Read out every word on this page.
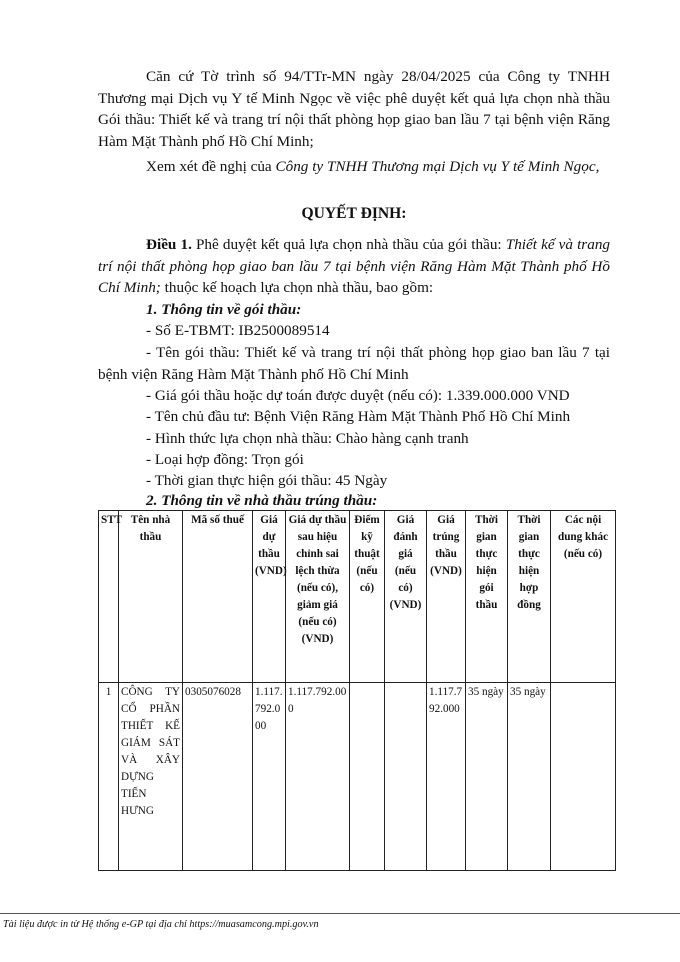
Căn cứ Tờ trình số 94/TTr-MN ngày 28/04/2025 của Công ty TNHH Thương mại Dịch vụ Y tế Minh Ngọc về việc phê duyệt kết quả lựa chọn nhà thầu Gói thầu: Thiết kế và trang trí nội thất phòng họp giao ban lầu 7 tại bệnh viện Răng Hàm Mặt Thành phố Hồ Chí Minh;

Xem xét đề nghị của Công ty TNHH Thương mại Dịch vụ Y tế Minh Ngọc,

QUYẾT ĐỊNH:

Điều 1. Phê duyệt kết quả lựa chọn nhà thầu của gói thầu: Thiết kế và trang trí nội thất phòng họp giao ban lầu 7 tại bệnh viện Răng Hàm Mặt Thành phố Hồ Chí Minh; thuộc kế hoạch lựa chọn nhà thầu, bao gồm:

1. Thông tin về gói thầu:

- Số E-TBMT: IB2500089514

- Tên gói thầu: Thiết kế và trang trí nội thất phòng họp giao ban lầu 7 tại bệnh viện Răng Hàm Mặt Thành phố Hồ Chí Minh

- Giá gói thầu hoặc dự toán được duyệt (nếu có): 1.339.000.000 VND

- Tên chủ đầu tư: Bệnh Viện Răng Hàm Mặt Thành Phố Hồ Chí Minh

- Hình thức lựa chọn nhà thầu: Chào hàng cạnh tranh

- Loại hợp đồng: Trọn gói

- Thời gian thực hiện gói thầu: 45 Ngày

2. Thông tin về nhà thầu trúng thầu:

STT	Tên nhà thầu	Mã số thuế	Giá dự thầu (VND)	Giá dự thầu sau hiệu chỉnh sai lệch thừa (nếu có), giảm giá (nếu có) (VND)	Điểm kỹ thuật (nếu có)	Giá đánh giá (nếu có) (VND)	Giá trúng thầu (VND)	Thời gian thực hiện gói thầu	Thời gian thực hiện hợp đồng	Các nội dung khác (nếu có)
1	CÔNG TY CỔ PHẦN THIẾT KẾ GIÁM SÁT VÀ XÂY DỰNG TIẾN HƯNG	0305076028	1.117.792.000	1.117.792.000			1.117.792.000	35 ngày	35 ngày	
Tài liệu được in từ Hệ thống e-GP tại địa chỉ https://muasamcong.mpi.gov.vn
